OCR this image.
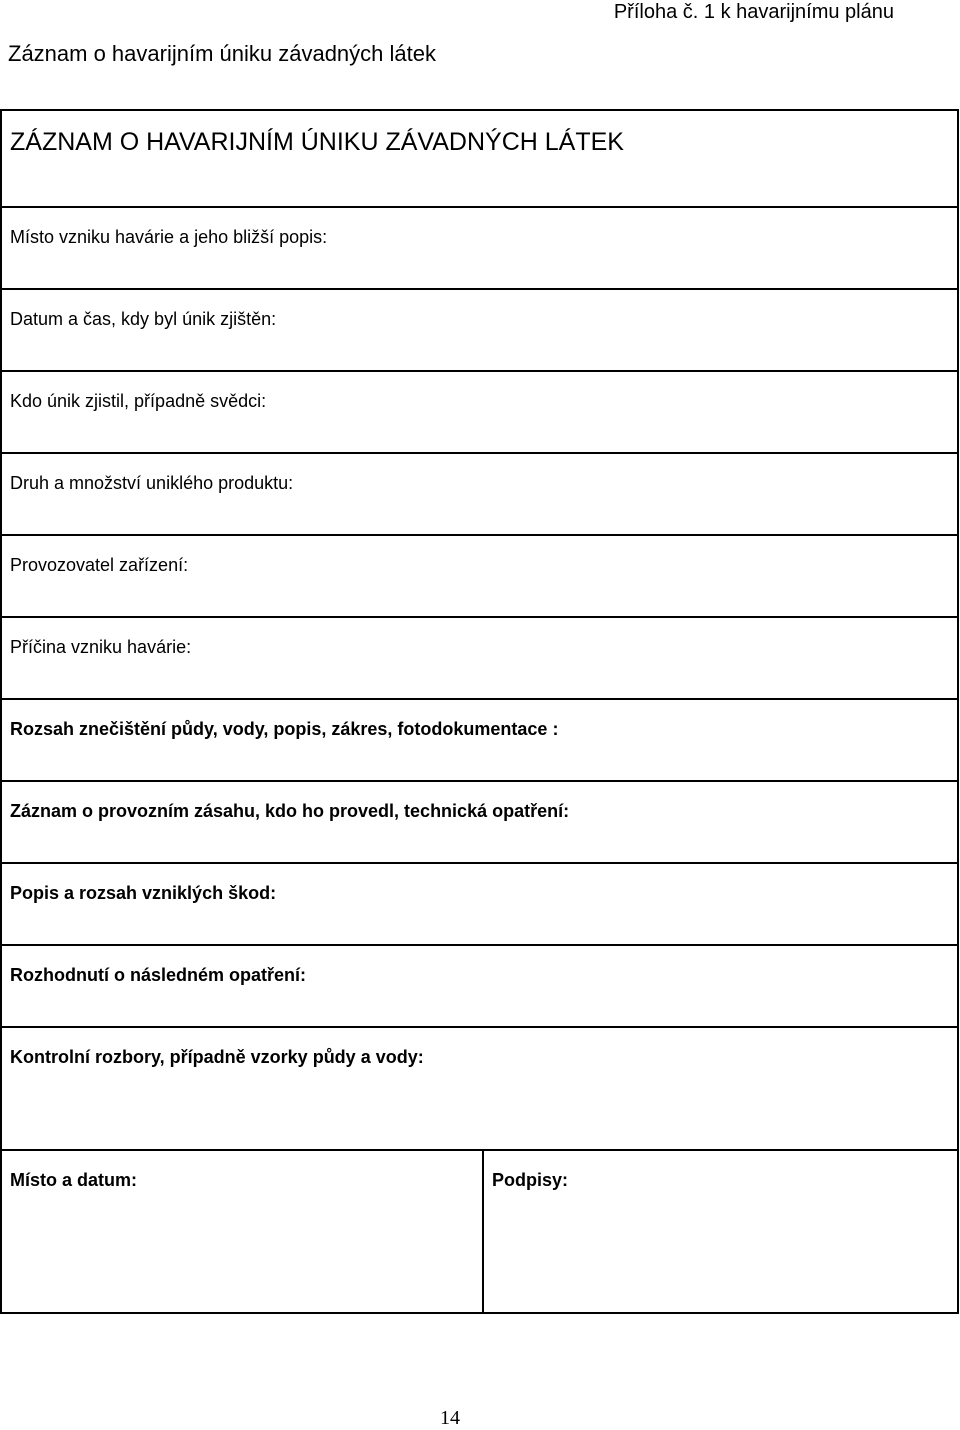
Příloha č. 1 k havarijnímu plánu
Záznam o havarijním úniku závadných látek
ZÁZNAM O HAVARIJNÍM ÚNIKU ZÁVADNÝCH LÁTEK

Místo vzniku havárie a jeho bližší popis:

Datum a čas, kdy byl únik zjištěn:

Kdo únik zjistil, případně svědci:

Druh a množství uniklého produktu:

Provozovatel zařízení:

Příčina vzniku havárie:

Rozsah znečištění půdy, vody, popis, zákres, fotodokumentace :

Záznam o provozním zásahu, kdo ho provedl, technická opatření:

Popis a rozsah vzniklých škod:

Rozhodnutí o následném opatření:

Kontrolní rozbory, případně vzorky půdy a vody:

Místo a datum:	Podpisy:
14
